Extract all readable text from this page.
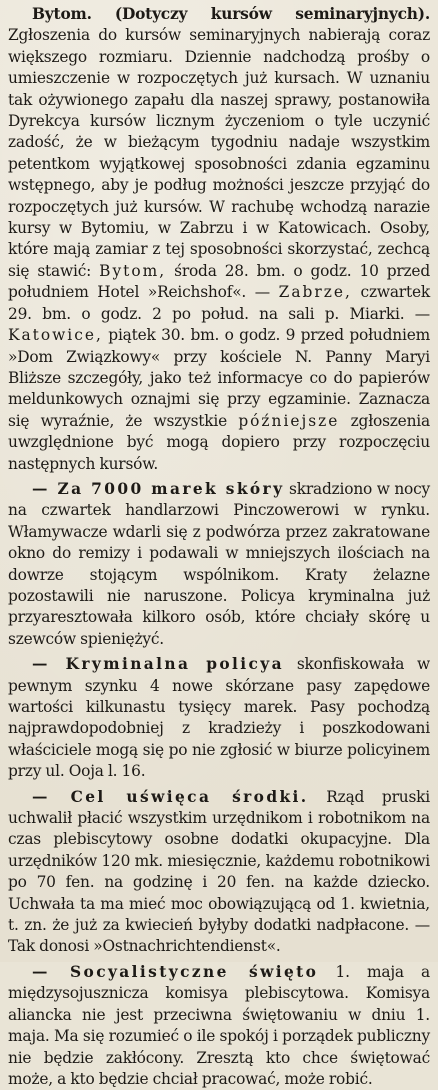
Bytom. (Dotyczy kursów seminaryjnych). Zgłoszenia do kursów seminaryjnych nabierają coraz większego rozmiaru. Dziennie nadchodzą prośby o umieszczenie w rozpoczętych już kursach. W uznaniu tak ożywionego zapału dla naszej sprawy, postanowiła Dyrekcya kursów licznym życzeniom o tyle uczynić zadość, że w bieżącym tygodniu nadaje wszystkim petentkom wyjątkowej sposobności zdania egzaminu wstępnego, aby je podług możności jeszcze przyjąć do rozpoczętych już kursów. W rachubę wchodzą narazie kursy w Bytomiu, w Zabrzu i w Katowicach. Osoby, które mają zamiar z tej sposobności skorzystać, zechcą się stawić: Bytom, środa 28. bm. o godz. 10 przed południem Hotel »Reichshof«. — Zabrze, czwartek 29. bm. o godz. 2 po połud. na sali p. Miarki. — Katowice, piątek 30. bm. o godz. 9 przed południem »Dom Związkowy« przy kościele N. Panny Maryi Bliższe szczegóły, jako też informacye co do papierów meldunkowych oznajmi się przy egzaminie. Zaznacza się wyraźnie, że wszystkie późniejsze zgłoszenia uwzględnione być mogą dopiero przy rozpoczęciu następnych kursów.

— Za 7000 marek skóry skradziono w nocy na czwartek handlarzowi Pinczowerowi w rynku. Włamywacze wdarli się z podwórza przez zakratowane okno do remizy i podawali w mniejszych ilościach na dowrze stojącym wspólnikom. Kraty żelazne pozostawili nie naruszone. Policya kryminalna już przyaresztowała kilkoro osób, które chciały skórę u szewców spieniężyć.

— Kryminalna policya skonfiskowała w pewnym szynku 4 nowe skórzane pasy zapędowe wartości kilkunastu tysięcy marek. Pasy pochodzą najprawdopodobniej z kradzieży i poszkodowani właściciele mogą się po nie zgłosić w biurze policyinem przy ul. Ooja l. 16.

— Cel uświęca środki. Rząd pruski uchwalił płacić wszystkim urzędnikom i robotnikom na czas plebiscytowy osobne dodatki okupacyjne. Dla urzędników 120 mk. miesięcznie, każdemu robotnikowi po 70 fen. na godzinę i 20 fen. na każde dziecko. Uchwała ta ma mieć moc obowiązującą od 1. kwietnia, t. zn. że już za kwiecień byłyby dodatki nadpłacone. — Tak donosi »Ostnachrichtendienst«.

— Socyalistyczne święto 1. maja a międzysojusznicza komisya plebiscytowa. Komisya aliancka nie jest przeciwna świętowaniu w dniu 1. maja. Ma się rozumieć o ile spokój i porządek publiczny nie będzie zakłócony. Zresztą kto chce świętować może, a kto będzie chciał pracować, może robić.
